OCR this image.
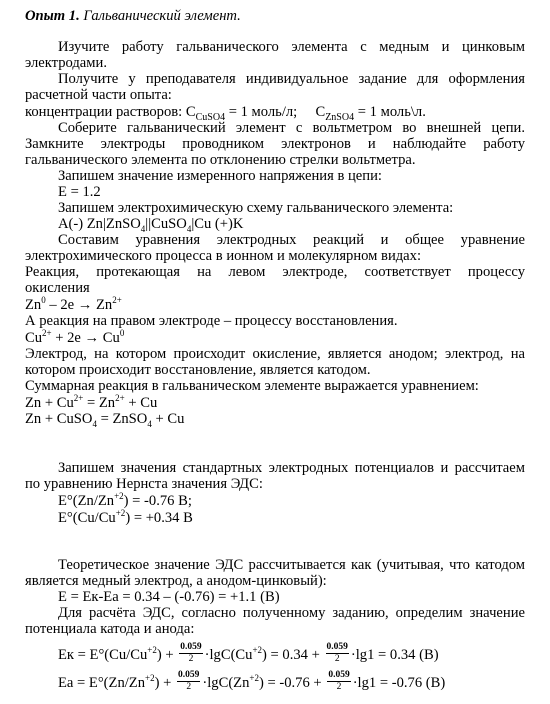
Опыт 1. Гальванический элемент.
Изучите работу гальванического элемента с медным и цинковым
электродами.
Получите у преподавателя индивидуальное задание для оформления
расчетной части опыта:
концентрации растворов: $C_{CuSO4} = 1$ моль/л; $C_{ZnSO4} = 1$ моль\л.
Соберите гальванический элемент с вольтметром во внешней цепи.
Замкните электроды проводником электронов и наблюдайте работу
гальванического элемента по отклонению стрелки вольтметра.
Запишем значение измеренного напряжения в цепи:
E = 1.2
Запишем электрохимическую схему гальванического элемента:
A(-) Zn|ZnSO$_4$||CuSO$_4$|Cu (+)K
Составим уравнения электродных реакций и общее уравнение
электрохимического процесса в ионном и молекулярном видах:
Реакция, протекающая на левом электроде, соответствует процессу
окисления
$Zn^0 - 2e \to Zn^{2+}$
А реакция на правом электроде – процессу восстановления.
$Cu^{2+} + 2e \to Cu^0$
Электрод, на котором происходит окисление, является анодом; электрод, на
котором происходит восстановление, является катодом.
Суммарная реакция в гальваническом элементе выражается уравнением:
$Zn + Cu^{2+} = Zn^{2+} + Cu$
Zn + CuSO$_4$ = ZnSO$_4$ + Cu
Запишем значения стандартных электродных потенциалов и рассчитаем
по уравнению Нернста значения ЭДС:
$E^\circ(Zn/Zn^{+2}) = -0.76$ В;
$E^\circ(Cu/Cu^{+2}) = +0.34$ В
Теоретическое значение ЭДС рассчитывается как (учитывая, что катодом
является медный электрод, а анодом-цинковый):
E = Eк-Ea = 0.34 – (-0.76) = +1.1 (В)
Для расчёта ЭДС, согласно полученному заданию, определим значение
потенциала катода и анода:
Eк = $E^\circ(Cu/Cu^{+2}) + \frac{0.059}{2} \cdot\lg C(Cu^{+2}) = 0.34 + \frac{0.059}{2} \cdot\lg 1 = 0.34$ (В)
$Ea = E^\circ(Zn/Zn^{+2}) + \frac{0.059}{2} \cdot\lg C(Zn^{+2}) = -0.76 + \frac{0.059}{2} \cdot\lg 1 = -0.76$ (В)
